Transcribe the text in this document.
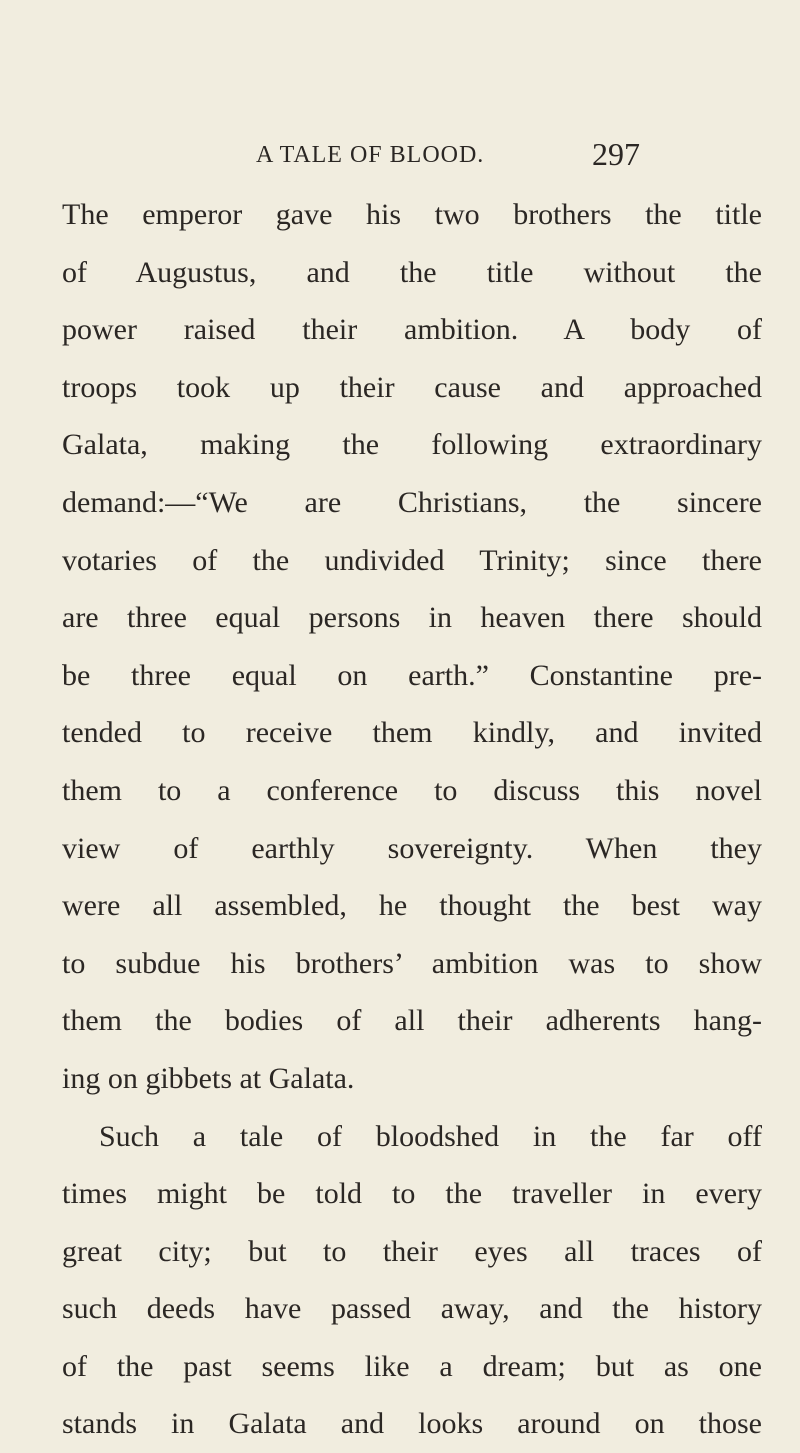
A TALE OF BLOOD.	297
The emperor gave his two brothers the title
of Augustus, and the title without the
power raised their ambition. A body of
troops took up their cause and approached
Galata, making the following extraordinary
demand:—“We are Christians, the sincere
votaries of the undivided Trinity; since there
are three equal persons in heaven there should
be three equal on earth.” Constantine pre-
tended to receive them kindly, and invited
them to a conference to discuss this novel
view of earthly sovereignty. When they
were all assembled, he thought the best way
to subdue his brothers’ ambition was to show
them the bodies of all their adherents hang-
ing on gibbets at Galata.
Such a tale of bloodshed in the far off
times might be told to the traveller in every
great city; but to their eyes all traces of
such deeds have passed away, and the history
of the past seems like a dream; but as one
stands in Galata and looks around on those
